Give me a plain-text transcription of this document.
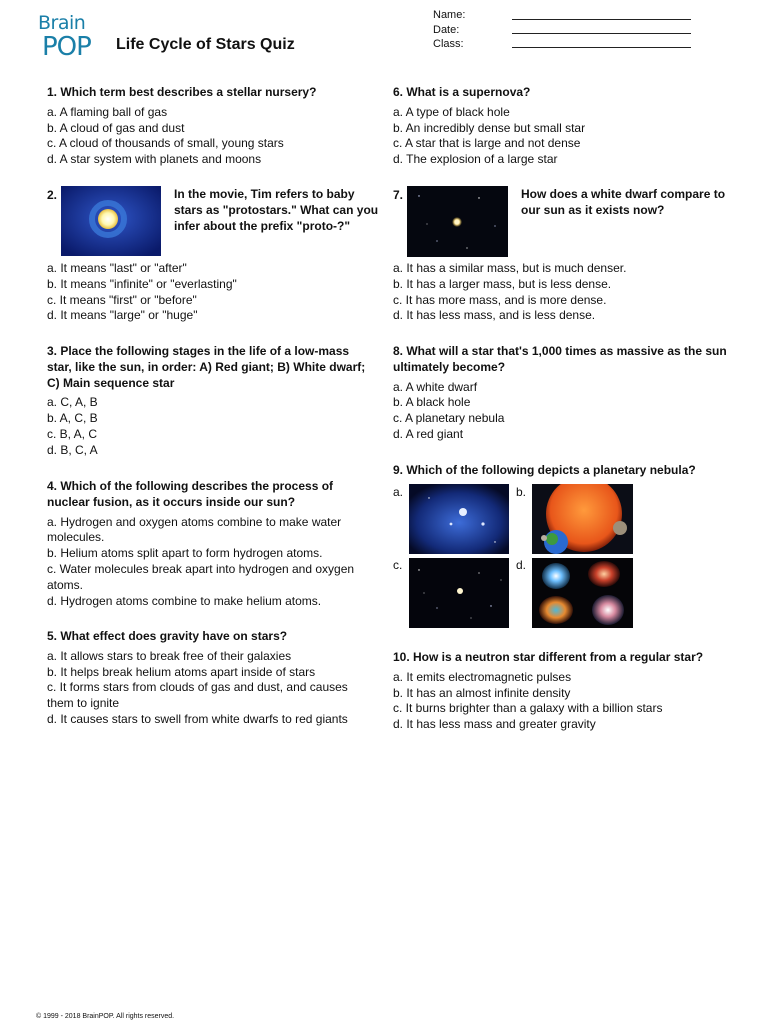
Brain
POP Life Cycle of Stars Quiz
Name:
Date:
Class:
1. Which term best describes a stellar nursery?
a. A flaming ball of gas
b. A cloud of gas and dust
c. A cloud of thousands of small, young stars
d. A star system with planets and moons
2.	In the movie, Tim refers to baby stars as "protostars." What can you infer about the prefix "proto-?"
a. It means "last" or "after"
b. It means "infinite" or "everlasting"
c. It means "first" or "before"
d. It means "large" or "huge"
3. Place the following stages in the life of a low-mass star, like the sun, in order: A) Red giant; B) White dwarf; C) Main sequence star
a. C, A, B
b. A, C, B
c. B, A, C
d. B, C, A
4. Which of the following describes the process of nuclear fusion, as it occurs inside our sun?
a. Hydrogen and oxygen atoms combine to make water molecules.
b. Helium atoms split apart to form hydrogen atoms.
c. Water molecules break apart into hydrogen and oxygen atoms.
d. Hydrogen atoms combine to make helium atoms.
5. What effect does gravity have on stars?
a. It allows stars to break free of their galaxies
b. It helps break helium atoms apart inside of stars
c. It forms stars from clouds of gas and dust, and causes them to ignite
d. It causes stars to swell from white dwarfs to red giants
6. What is a supernova?
a. A type of black hole
b. An incredibly dense but small star
c. A star that is large and not dense
d. The explosion of a large star
7.	How does a white dwarf compare to our sun as it exists now?
a. It has a similar mass, but is much denser.
b. It has a larger mass, but is less dense.
c. It has more mass, and is more dense.
d. It has less mass, and is less dense.
8. What will a star that's 1,000 times as massive as the sun ultimately become?
a. A white dwarf
b. A black hole
c. A planetary nebula
d. A red giant
9. Which of the following depicts a planetary nebula?
a.	b.
c.	d.
10. How is a neutron star different from a regular star?
a. It emits electromagnetic pulses
b. It has an almost infinite density
c. It burns brighter than a galaxy with a billion stars
d. It has less mass and greater gravity
© 1999 - 2018 BrainPOP. All rights reserved.
